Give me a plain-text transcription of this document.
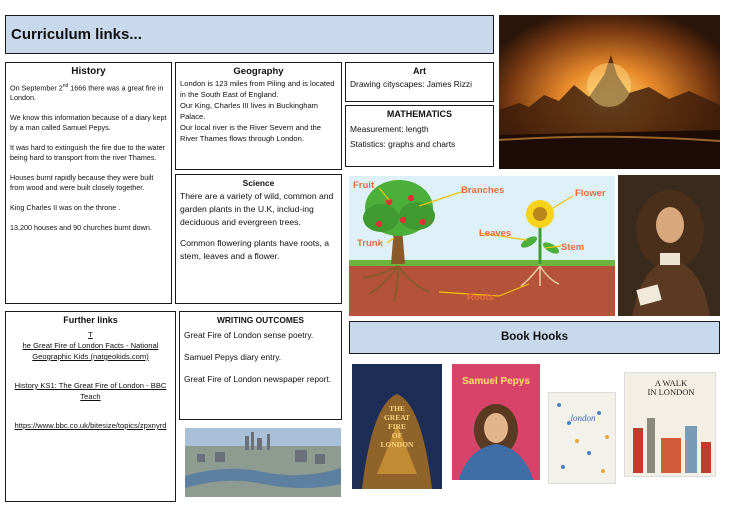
Curriculum links...
History

On September 2nd 1666 there was a great fire in London.

We know this information because of a diary kept by a man called Samuel Pepys.

It was hard to extinguish the fire due to the water being hard to transport from the river Thames.

Houses burnt rapidly because they were built from wood and were built closely together.

King Charles II was on the throne .

13,200 houses and 90 churches burnt down.

Geography

London is 123 miles from Piling and is located in the South East of England.

Our King, Charles III lives in Buckingham Palace.

Our local river is the River Severn and the River Thames flows through London.

Art
Drawing cityscapes: James Rizzi
MATHEMATICS
Measurement: length
Statistics: graphs and charts
Science

There are a variety of wild, common and garden plants in the U.K, includ-ing deciduous and evergreen trees.

Common flowering plants have roots, a stem, leaves and a flower.

Fruit	Branches	Flower
Trunk
Leaves
Stem
Roots
Further links
T
he Great Fire of London Facts - National Geographic Kids (natgeokids.com)
History KS1: The Great Fire of London - BBC Teach
https://www.bbc.co.uk/bitesize/topics/zpxnyrd
WRITING OUTCOMES

Great Fire of London sense poetry.

Samuel Pepys diary entry.

Great Fire of London newspaper report.

Book Hooks
THE
GREAT
FIRE
OF
LONDON
Samuel Pepys
london
A WALK
IN LONDON
